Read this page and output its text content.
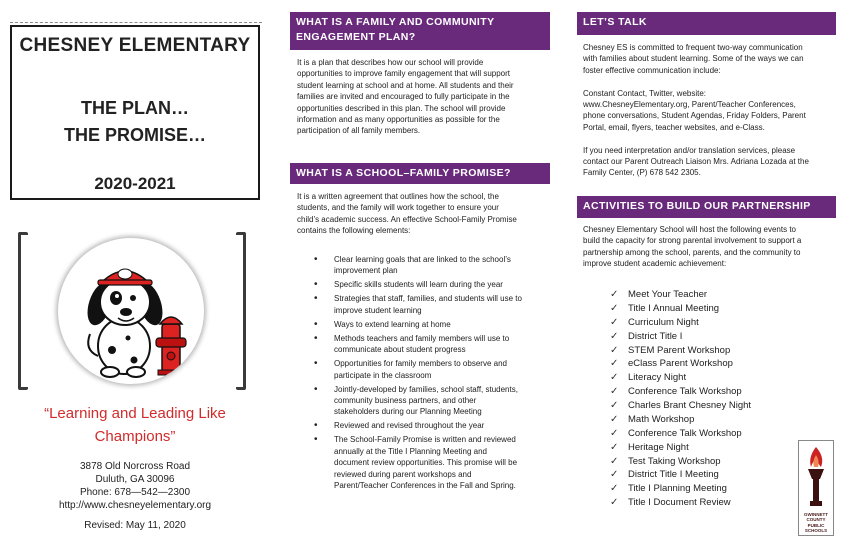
CHESNEY ELEMENTARY
THE PLAN…
THE PROMISE…
2020-2021
“Learning and Leading Like
Champions”
3878 Old Norcross Road
Duluth, GA 30096
Phone: 678—542—2300
http://www.chesneyelementary.org
Revised: May 11, 2020
WHAT IS A FAMILY AND COMMUNITY
ENGAGEMENT PLAN?
It is a plan that describes how our school will provide
opportunities to improve family engagement that will support
student learning at school and at home. All students and their
families are invited and encouraged to fully participate in the
opportunities described in this plan. The school will provide
information and as many opportunities as possible for the
participation of all family members.
WHAT IS A SCHOOL–FAMILY PROMISE?
It is a written agreement that outlines how the school, the
students, and the family will work together to ensure your
child’s academic success. An effective School-Family Promise
contains the following elements:
• Clear learning goals that are linked to the school’s
improvement plan
• Specific skills students will learn during the year
• Strategies that staff, families, and students will use to
improve student learning
• Ways to extend learning at home
• Methods teachers and family members will use to
communicate about student progress
• Opportunities for family members to observe and
participate in the classroom
• Jointly-developed by families, school staff, students,
community business partners, and other
stakeholders during our Planning Meeting
• Reviewed and revised throughout the year
• The School-Family Promise is written and reviewed
annually at the Title I Planning Meeting and
document review opportunities. This promise will be
reviewed during parent workshops and
Parent/Teacher Conferences in the Fall and Spring.
LET’S TALK
Chesney ES is committed to frequent two-way communication
with families about student learning. Some of the ways we can
foster effective communication include:
Constant Contact, Twitter, website:
www.ChesneyElementary.org, Parent/Teacher Conferences,
phone conversations, Student Agendas, Friday Folders, Parent
Portal, email, flyers, teacher websites, and e-Class.
If you need interpretation and/or translation services, please
contact our Parent Outreach Liaison Mrs. Adriana Lozada at the
Family Center, (P) 678 542 2305.
ACTIVITIES TO BUILD OUR PARTNERSHIP
Chesney Elementary School will host the following events to
build the capacity for strong parental involvement to support a
partnership among the school, parents, and the community to
improve student academic achievement:
✓	Meet Your Teacher
✓	Title I Annual Meeting
✓	Curriculum Night
✓	District Title I
✓	STEM Parent Workshop
✓	eClass Parent Workshop
✓	Literacy Night
✓	Conference Talk Workshop
✓	Charles Brant Chesney Night
✓	Math Workshop
✓	Conference Talk Workshop
✓	Heritage Night
✓	Test Taking Workshop
✓	District Title I Meeting
✓	Title I Planning Meeting
✓	Title I Document Review
GWINNETT
COUNTY
PUBLIC
SCHOOLS
